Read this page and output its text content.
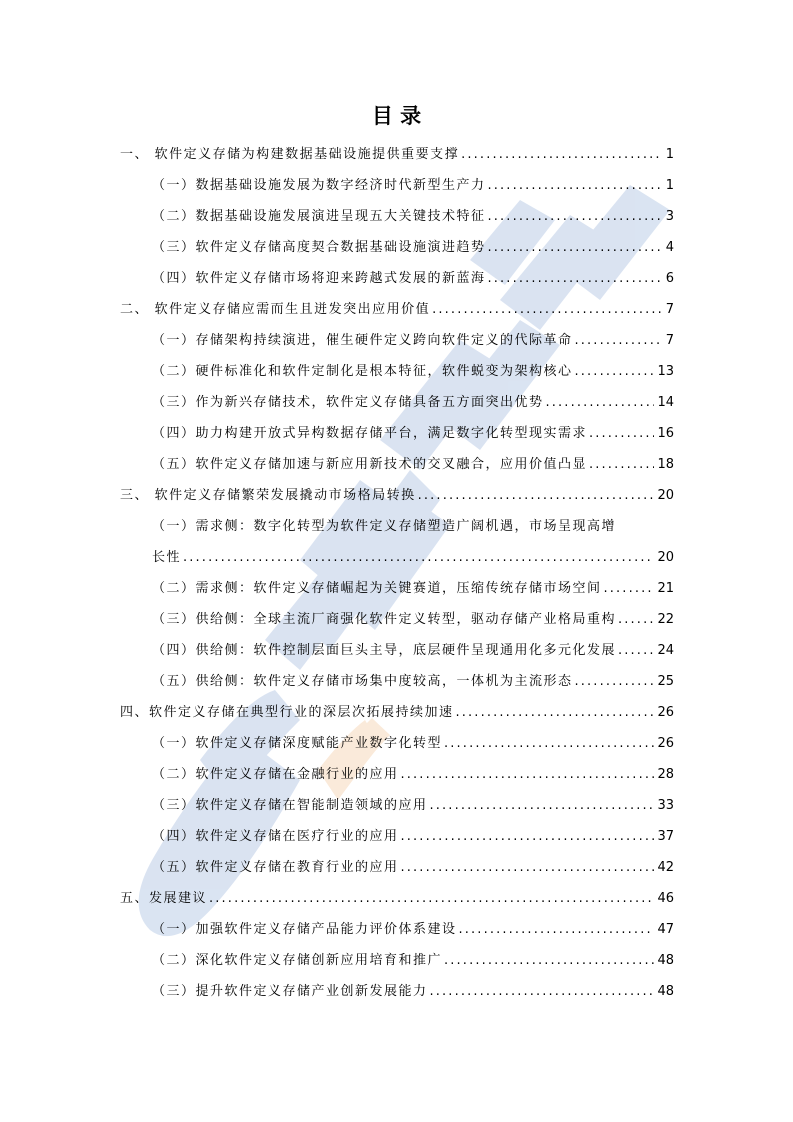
目 录
一、 软件定义存储为构建数据基础设施提供重要支撑 . . .	1
（一）数据基础设施发展为数字经济时代新型生产力 . . .	1
（二）数据基础设施发展演进呈现五大关键技术特征 . . .	3
（三）软件定义存储高度契合数据基础设施演进趋势 . . .	4
（四）软件定义存储市场将迎来跨越式发展的新蓝海 . . .	6
二、 软件定义存储应需而生且迸发突出应用价值 . . .	7
（一）存储架构持续演进，催生硬件定义跨向软件定义的代际革命 . . .	7
（二）硬件标准化和软件定制化是根本特征，软件蜕变为架构核心 . . .	13
（三）作为新兴存储技术，软件定义存储具备五方面突出优势 . . .	14
（四）助力构建开放式异构数据存储平台，满足数字化转型现实需求 . . .	16
（五）软件定义存储加速与新应用新技术的交叉融合，应用价值凸显 . . .	18
三、 软件定义存储繁荣发展撬动市场格局转换 . . .	20
（一）需求侧：数字化转型为软件定义存储塑造广阔机遇，市场呈现高增
长性 . . .	20
（二）需求侧：软件定义存储崛起为关键赛道，压缩传统存储市场空间 . . .	21
（三）供给侧：全球主流厂商强化软件定义转型，驱动存储产业格局重构 . . .	22
（四）供给侧：软件控制层面巨头主导，底层硬件呈现通用化多元化发展 . . .	24
（五）供给侧：软件定义存储市场集中度较高，一体机为主流形态 . . .	25
四、软件定义存储在典型行业的深层次拓展持续加速 . . .	26
（一）软件定义存储深度赋能产业数字化转型 . . .	26
（二）软件定义存储在金融行业的应用 . . .	28
（三）软件定义存储在智能制造领域的应用 . . .	33
（四）软件定义存储在医疗行业的应用 . . .	37
（五）软件定义存储在教育行业的应用 . . .	42
五、发展建议 . . .	46
（一）加强软件定义存储产品能力评价体系建设 . . .	47
（二）深化软件定义存储创新应用培育和推广 . . .	48
（三）提升软件定义存储产业创新发展能力 . . .	48
